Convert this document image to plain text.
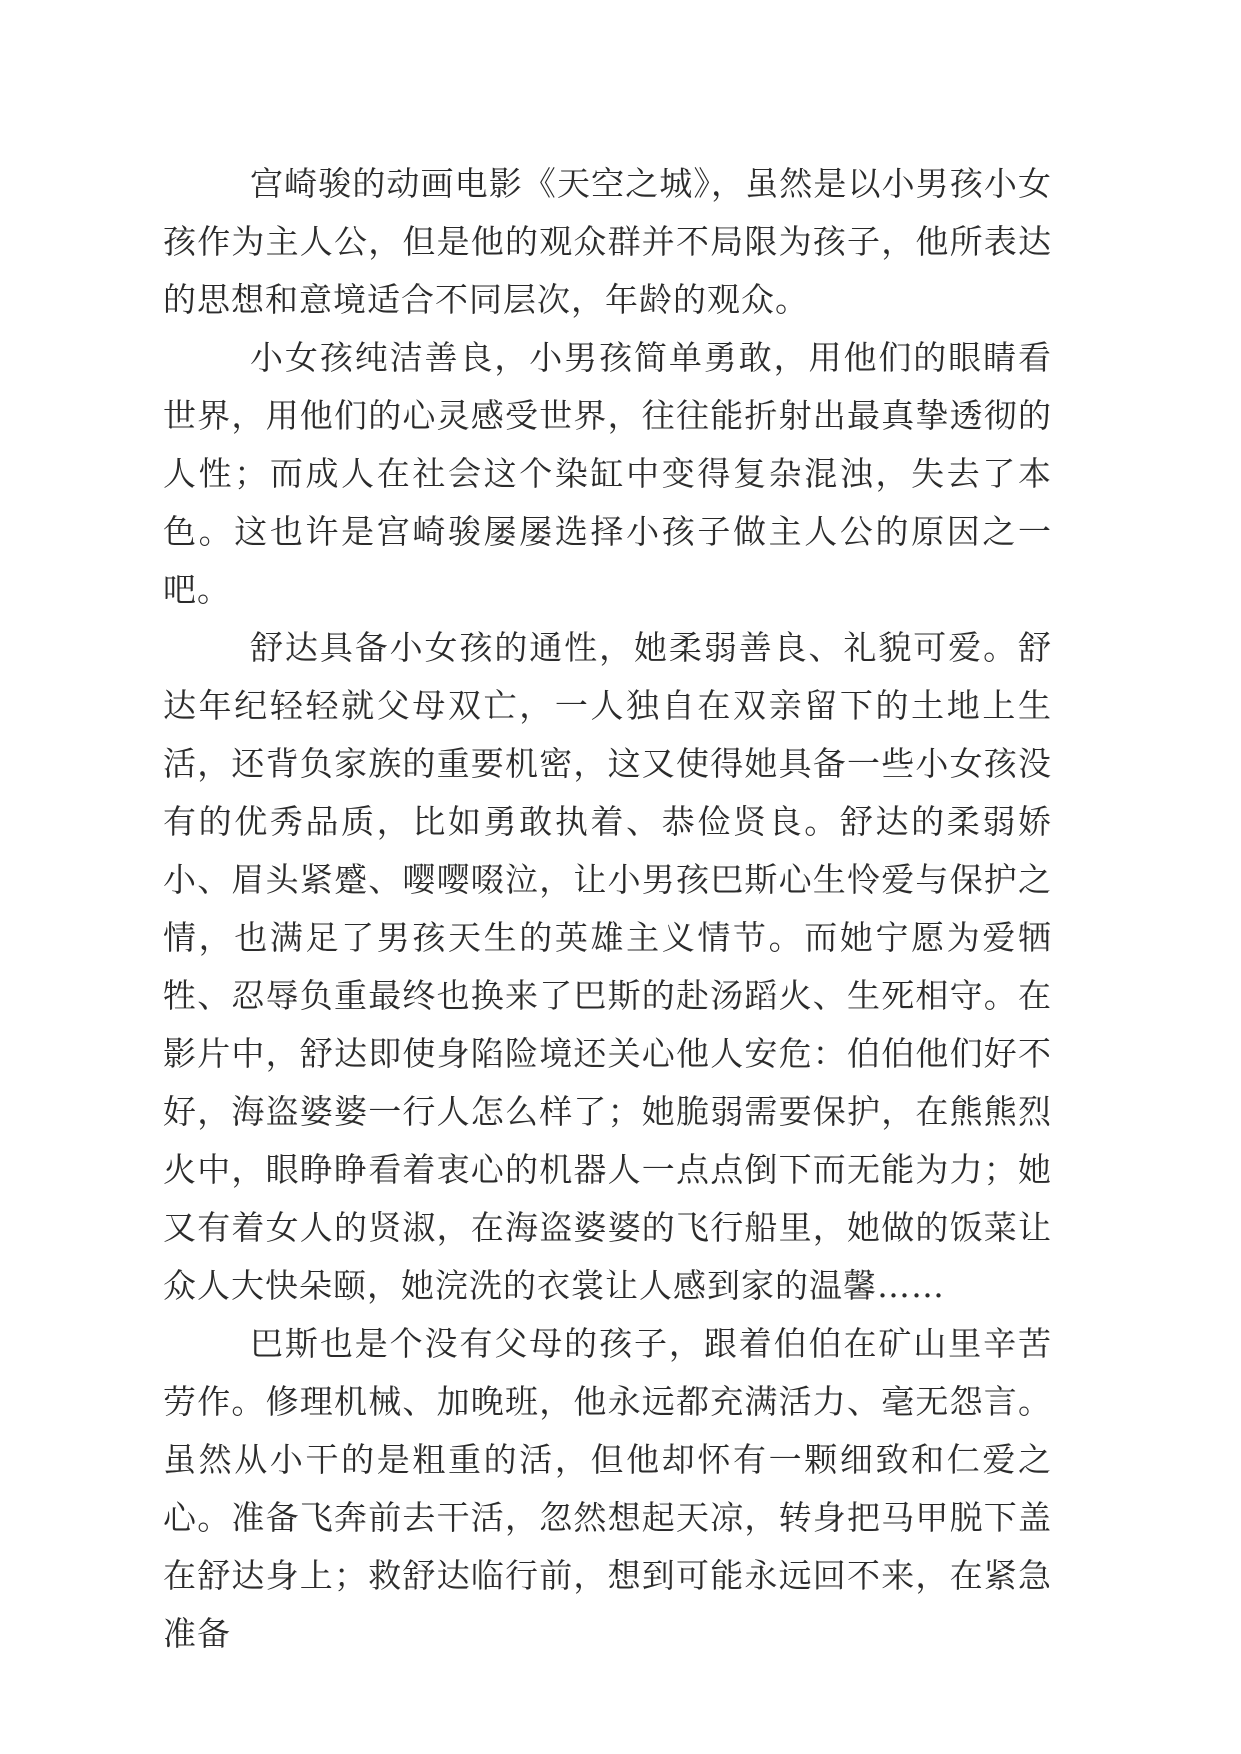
宫崎骏的动画电影《天空之城》，虽然是以小男孩小女孩作为主人公，但是他的观众群并不局限为孩子，他所表达的思想和意境适合不同层次，年龄的观众。

小女孩纯洁善良，小男孩简单勇敢，用他们的眼睛看世界，用他们的心灵感受世界，往往能折射出最真挚透彻的人性；而成人在社会这个染缸中变得复杂混浊，失去了本色。这也许是宫崎骏屡屡选择小孩子做主人公的原因之一吧。

舒达具备小女孩的通性，她柔弱善良、礼貌可爱。舒达年纪轻轻就父母双亡，一人独自在双亲留下的土地上生活，还背负家族的重要机密，这又使得她具备一些小女孩没有的优秀品质，比如勇敢执着、恭俭贤良。舒达的柔弱娇小、眉头紧蹙、嘤嘤啜泣，让小男孩巴斯心生怜爱与保护之情，也满足了男孩天生的英雄主义情节。而她宁愿为爱牺牲、忍辱负重最终也换来了巴斯的赴汤蹈火、生死相守。在影片中，舒达即使身陷险境还关心他人安危：伯伯他们好不好，海盗婆婆一行人怎么样了；她脆弱需要保护，在熊熊烈火中，眼睁睁看着衷心的机器人一点点倒下而无能为力；她又有着女人的贤淑，在海盗婆婆的飞行船里，她做的饭菜让众人大快朵颐，她浣洗的衣裳让人感到家的温馨……

巴斯也是个没有父母的孩子，跟着伯伯在矿山里辛苦劳作。修理机械、加晚班，他永远都充满活力、毫无怨言。虽然从小干的是粗重的活，但他却怀有一颗细致和仁爱之心。准备飞奔前去干活，忽然想起天凉，转身把马甲脱下盖在舒达身上；救舒达临行前，想到可能永远回不来，在紧急准备
